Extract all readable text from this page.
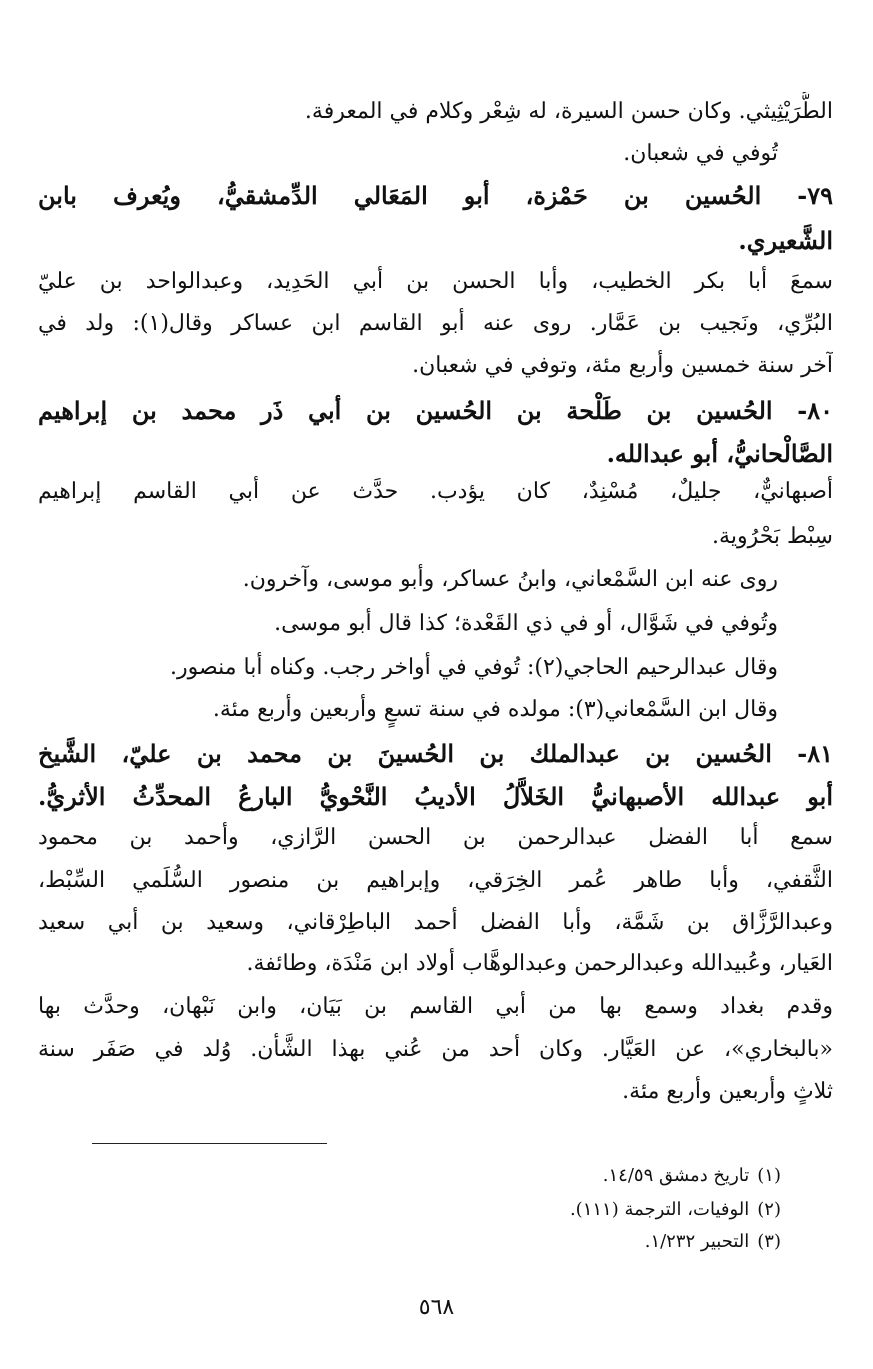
الطُّرَيْثِيثي. وكان حسن السيرة، له شِعْر وكلام في المعرفة.
تُوفي في شعبان.
٧٩- الحُسين بن حَمْزة، أبو المَعَالي الدِّمشقيُّ، ويُعرف بابن
الشَّعيري.
سمعَ أبا بكر الخطيب، وأبا الحسن بن أبي الحَدِيد، وعبدالواحد بن عليّ
البُرِّي، ونَجيب بن عَمَّار. روى عنه أبو القاسم ابن عساكر وقال(١): ولد في
آخر سنة خمسين وأربع مئة، وتوفي في شعبان.
٨٠- الحُسين بن طَلْحة بن الحُسين بن أبي ذَر محمد بن إبراهيم
الصَّالْحانيُّ، أبو عبدالله.
أصبهانيٌّ، جليلٌ، مُسْنِدٌ، كان يؤدب. حدَّث عن أبي القاسم إبراهيم
سِبْط بَحْرُوية.
روى عنه ابن السَّمْعاني، وابنُ عساكر، وأبو موسى، وآخرون.
وتُوفي في شَوَّال، أو في ذي القَعْدة؛ كذا قال أبو موسى.
وقال عبدالرحيم الحاجي(٢): تُوفي في أواخر رجب. وكناه أبا منصور.
وقال ابن السَّمْعاني(٣): مولده في سنة تسعٍ وأربعين وأربع مئة.
٨١- الحُسين بن عبدالملك بن الحُسينَ بن محمد بن عليّ، الشَّيخ
أبو عبدالله الأصبهانيُّ الخَلاَّلُ الأديبُ النَّحْويُّ البارعُ المحدِّثُ الأثريُّ.
سمع أبا الفضل عبدالرحمن بن الحسن الرَّازي، وأحمد بن محمود
الثَّقفي، وأبا طاهر عُمر الخِرَقي، وإبراهيم بن منصور السُّلَمي السِّبْط،
وعبدالرَّزَّاق بن شَمَّة، وأبا الفضل أحمد الباطِرْقاني، وسعيد بن أبي سعيد
العَيار، وعُبيدالله وعبدالرحمن وعبدالوهَّاب أولاد ابن مَنْدَة، وطائفة.
وقدم بغداد وسمع بها من أبي القاسم بن بَيَان، وابن نَبْهان، وحدَّث بها
«بالبخاري»، عن العَيَّار. وكان أحد من عُني بهذا الشَّأن. وُلد في صَفَر سنة
ثلاثٍ وأربعين وأربع مئة.
(١)تاريخ دمشق ١٤/٥٩.
(٢)الوفيات، الترجمة (١١١).
(٣)التحبير ١/٢٣٢.
٥٦٨
